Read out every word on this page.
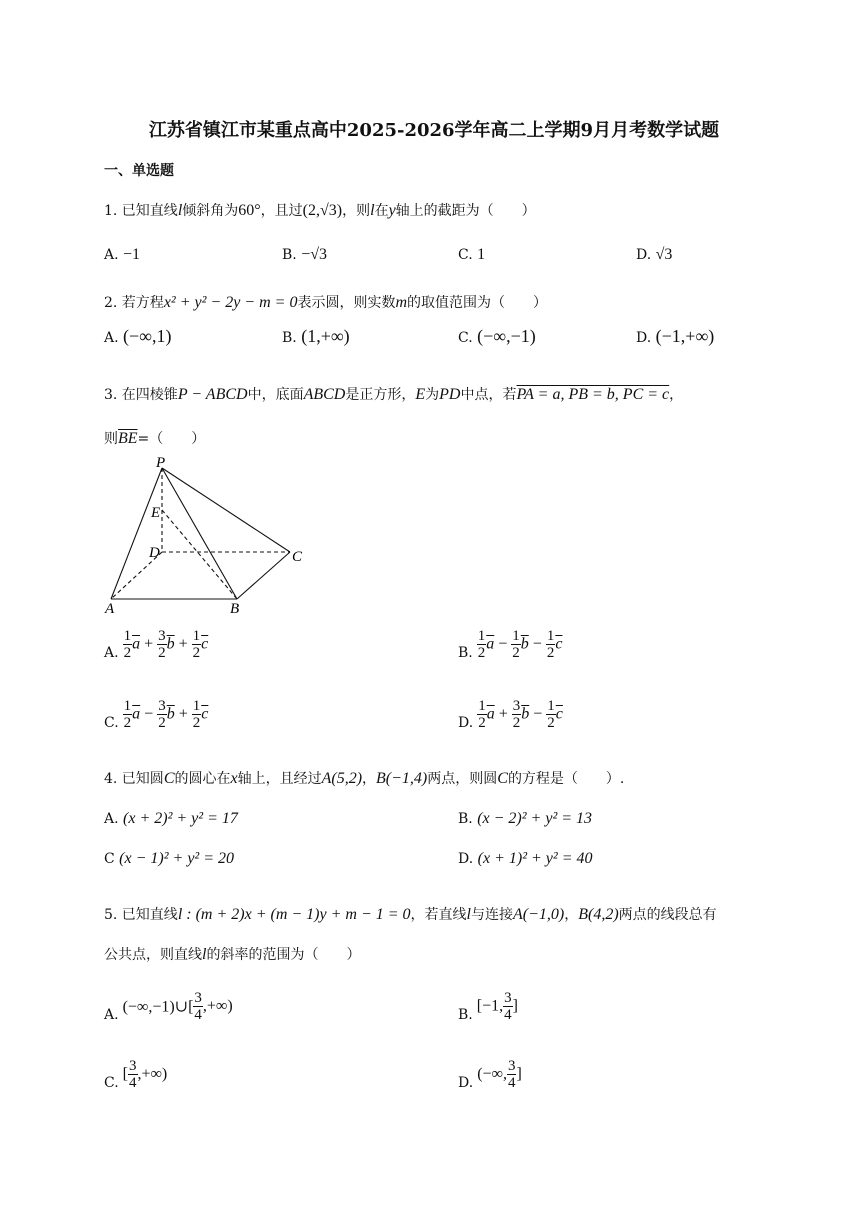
江苏省镇江市某重点高中2025-2026学年高二上学期9月月考数学试题
一、单选题
1. 已知直线l倾斜角为60°，且过(2,√3)，则l在y轴上的截距为（　　）
A. −1	B. −√3	C. 1	D. √3
2. 若方程x² + y² − 2y − m = 0表示圆，则实数m的取值范围为（　　）
A. (−∞,1)	B. (1,+∞)	C. (−∞,−1)	D. (−1,+∞)
3. 在四棱锥P − ABCD中，底面ABCD是正方形，E为PD中点，若PA = a, PB = b, PC = c，
则$\overline{BE}=$（　　）
P
E
D	C
A	B
A. $\frac{1}{2} \overline{a} + \frac{3}{2} \overline{b} + \frac{1}{2} \overline{c}$
B. $\frac{1}{2} \overline{a} - \frac{1}{2} \overline{b} - \frac{1}{2} \overline{c}$
C. $\frac{1}{2} \overline{a} - \frac{3}{2} \overline{b} + \frac{1}{2} \overline{c}$
D. $\frac{1}{2} \overline{a} + \frac{3}{2} \overline{b} - \frac{1}{2} \overline{c}$
4. 已知圆C的圆心在x轴上，且经过A(5,2)，B(−1,4)两点，则圆C的方程是（　　）.
A. (x + 2)² + y² = 17	B. (x − 2)² + y² = 13
C (x − 1)² + y² = 20	D. (x + 1)² + y² = 40
5. 已知直线l : (m + 2)x + (m − 1)y + m − 1 = 0，若直线l与连接A(−1,0)，B(4,2)两点的线段总有
公共点，则直线l的斜率的范围为（　　）
A. (−∞,−1)∪[ $\frac{3}{4}$ ,+∞)
B.[−1, $\frac{3}{4}$ ]
$C.[ \frac{3}{4}$ ,+∞)
D.(−∞, $\frac{3}{4}$ ]
